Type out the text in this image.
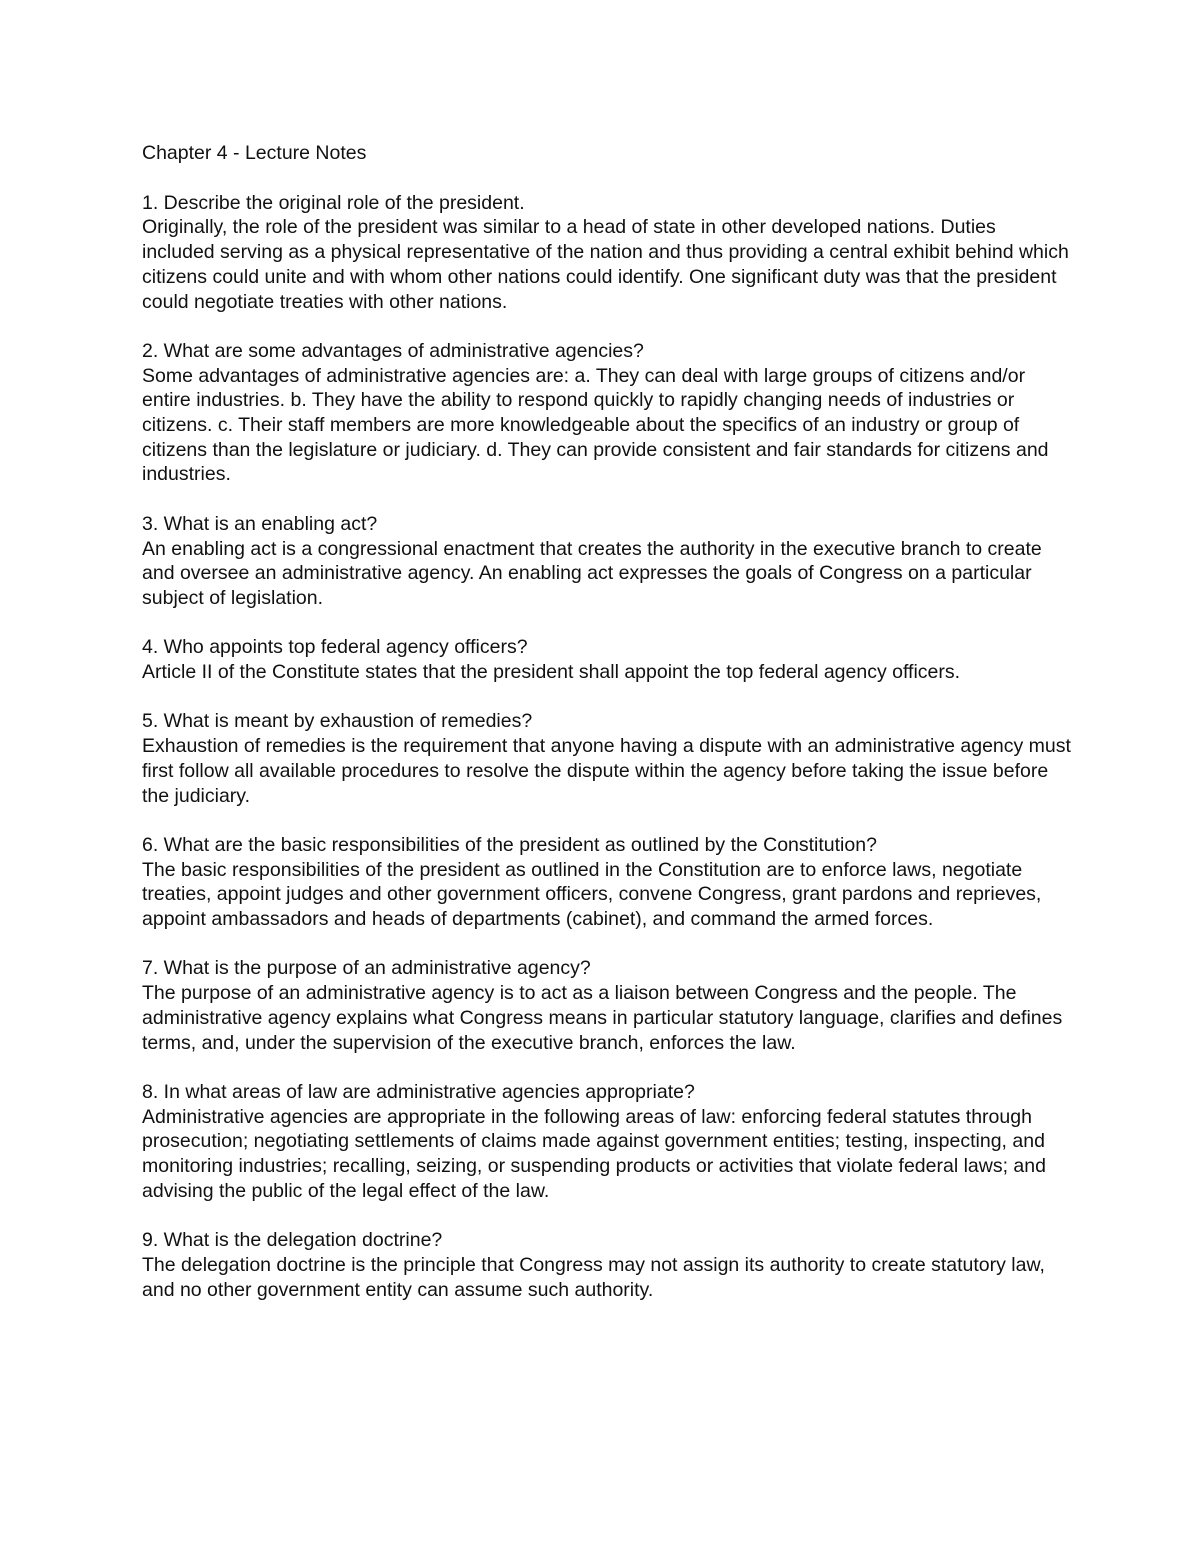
Chapter 4 - Lecture Notes

1. Describe the original role of the president.

Originally, the role of the president was similar to a head of state in other developed nations. Duties included serving as a physical representative of the nation and thus providing a central exhibit behind which citizens could unite and with whom other nations could identify. One significant duty was that the president could negotiate treaties with other nations.

2. What are some advantages of administrative agencies?

Some advantages of administrative agencies are: a. They can deal with large groups of citizens and/or entire industries. b. They have the ability to respond quickly to rapidly changing needs of industries or citizens. c. Their staff members are more knowledgeable about the specifics of an industry or group of citizens than the legislature or judiciary. d. They can provide consistent and fair standards for citizens and industries.

3. What is an enabling act?

An enabling act is a congressional enactment that creates the authority in the executive branch to create and oversee an administrative agency. An enabling act expresses the goals of Congress on a particular subject of legislation.

4. Who appoints top federal agency officers?

Article II of the Constitute states that the president shall appoint the top federal agency officers.

5. What is meant by exhaustion of remedies?

Exhaustion of remedies is the requirement that anyone having a dispute with an administrative agency must first follow all available procedures to resolve the dispute within the agency before taking the issue before the judiciary.

6. What are the basic responsibilities of the president as outlined by the Constitution?

The basic responsibilities of the president as outlined in the Constitution are to enforce laws, negotiate treaties, appoint judges and other government officers, convene Congress, grant pardons and reprieves, appoint ambassadors and heads of departments (cabinet), and command the armed forces.

7. What is the purpose of an administrative agency?

The purpose of an administrative agency is to act as a liaison between Congress and the people. The administrative agency explains what Congress means in particular statutory language, clarifies and defines terms, and, under the supervision of the executive branch, enforces the law.

8. In what areas of law are administrative agencies appropriate?

Administrative agencies are appropriate in the following areas of law: enforcing federal statutes through prosecution; negotiating settlements of claims made against government entities; testing, inspecting, and monitoring industries; recalling, seizing, or suspending products or activities that violate federal laws; and advising the public of the legal effect of the law.

9. What is the delegation doctrine?

The delegation doctrine is the principle that Congress may not assign its authority to create statutory law, and no other government entity can assume such authority.
